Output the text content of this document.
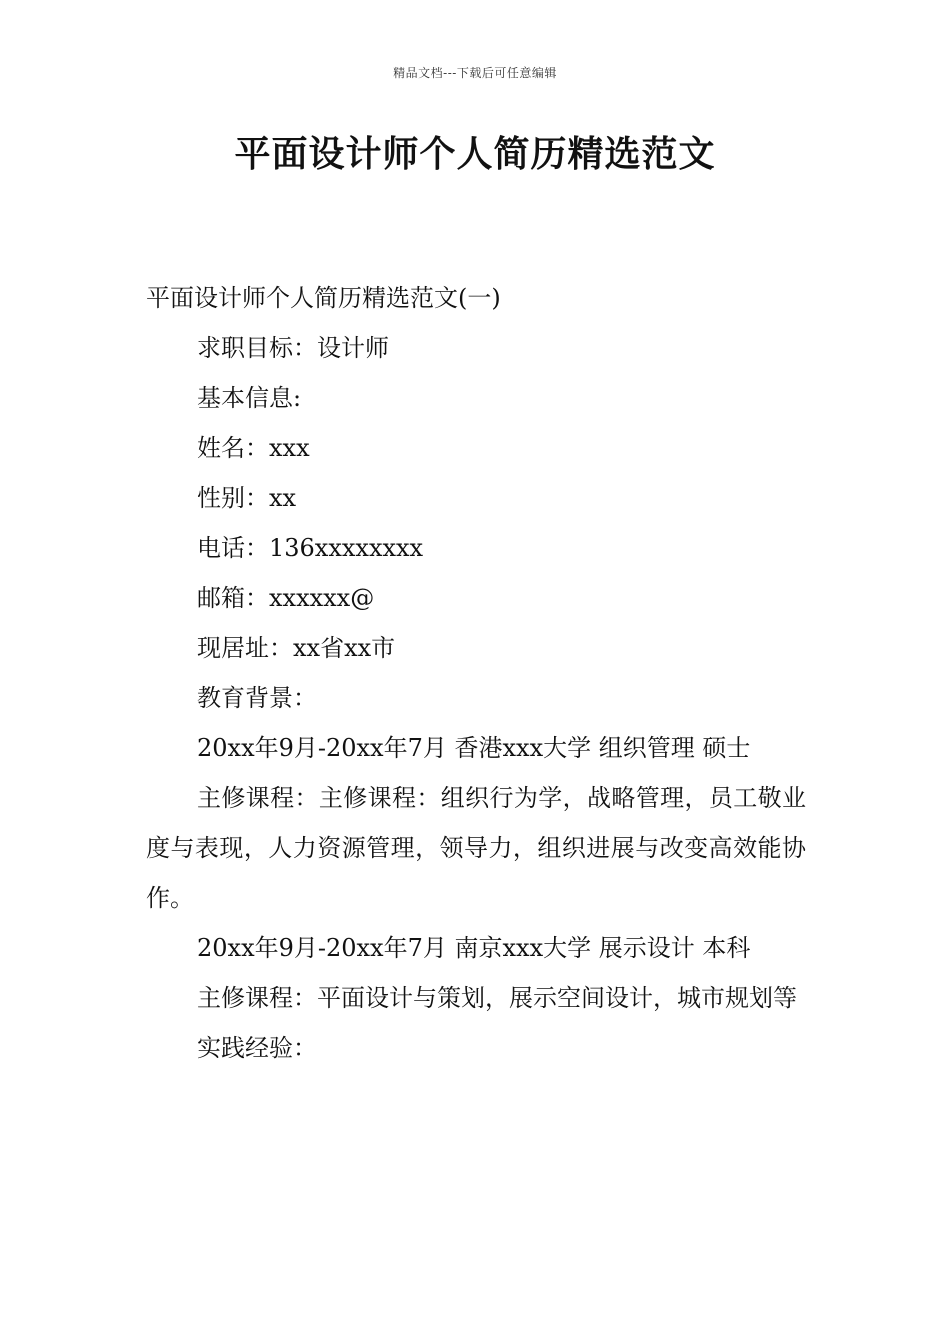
精品文档---下载后可任意编辑
平面设计师个人简历精选范文

平面设计师个人简历精选范文(一)

求职目标：设计师

基本信息:

姓名：xxx

性别：xx

电话：136xxxxxxxx

邮箱：xxxxxx@

现居址：xx省xx市

教育背景：

20xx年9月-20xx年7月 香港xxx大学 组织管理 硕士

主修课程：主修课程：组织行为学，战略管理，员工敬业度与表现，人力资源管理，领导力，组织进展与改变高效能协作。

20xx年9月-20xx年7月 南京xxx大学 展示设计 本科

主修课程：平面设计与策划，展示空间设计，城市规划等

实践经验：
